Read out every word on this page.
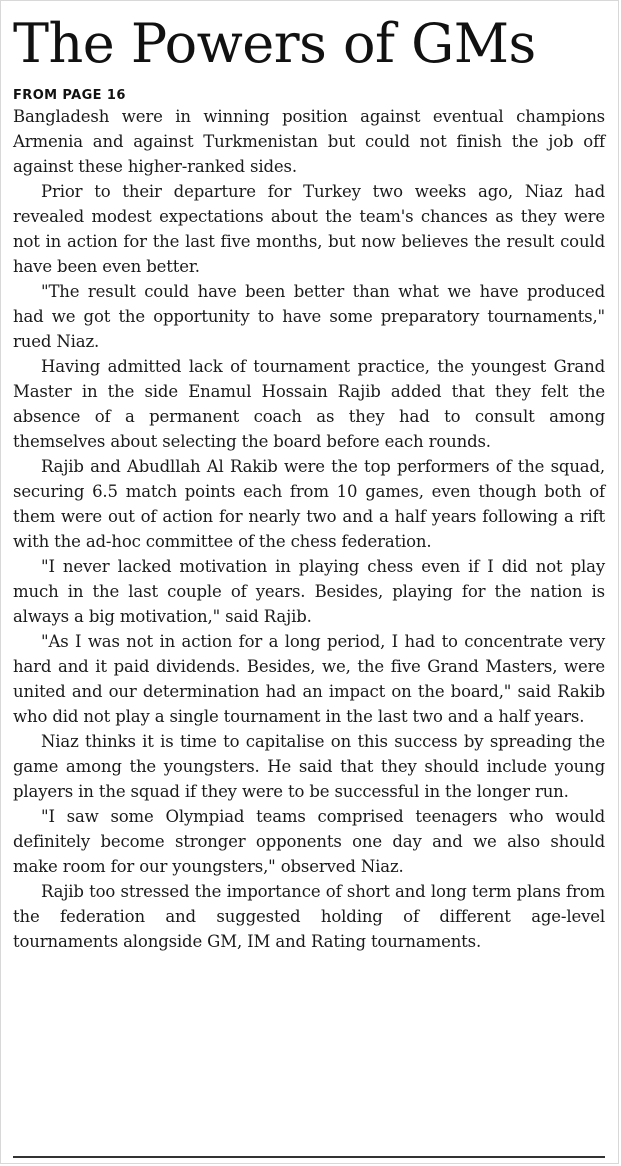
The Powers of GMs
FROM PAGE 16

Bangladesh were in winning position against eventual champions Armenia and against Turkmenistan but could not finish the job off against these higher-ranked sides.

Prior to their departure for Turkey two weeks ago, Niaz had revealed modest expectations about the team's chances as they were not in action for the last five months, but now believes the result could have been even better.

"The result could have been better than what we have produced had we got the opportunity to have some preparatory tournaments," rued Niaz.

Having admitted lack of tournament practice, the youngest Grand Master in the side Enamul Hossain Rajib added that they felt the absence of a permanent coach as they had to consult among themselves about selecting the board before each rounds.

Rajib and Abudllah Al Rakib were the top performers of the squad, securing 6.5 match points each from 10 games, even though both of them were out of action for nearly two and a half years following a rift with the ad-hoc committee of the chess federation.

"I never lacked motivation in playing chess even if I did not play much in the last couple of years. Besides, playing for the nation is always a big motivation," said Rajib.

"As I was not in action for a long period, I had to concentrate very hard and it paid dividends. Besides, we, the five Grand Masters, were united and our determination had an impact on the board," said Rakib who did not play a single tournament in the last two and a half years.

Niaz thinks it is time to capitalise on this success by spreading the game among the youngsters. He said that they should include young players in the squad if they were to be successful in the longer run.

"I saw some Olympiad teams comprised teenagers who would definitely become stronger opponents one day and we also should make room for our youngsters," observed Niaz.

Rajib too stressed the importance of short and long term plans from the federation and suggested holding of different age-level tournaments alongside GM, IM and Rating tournaments.
